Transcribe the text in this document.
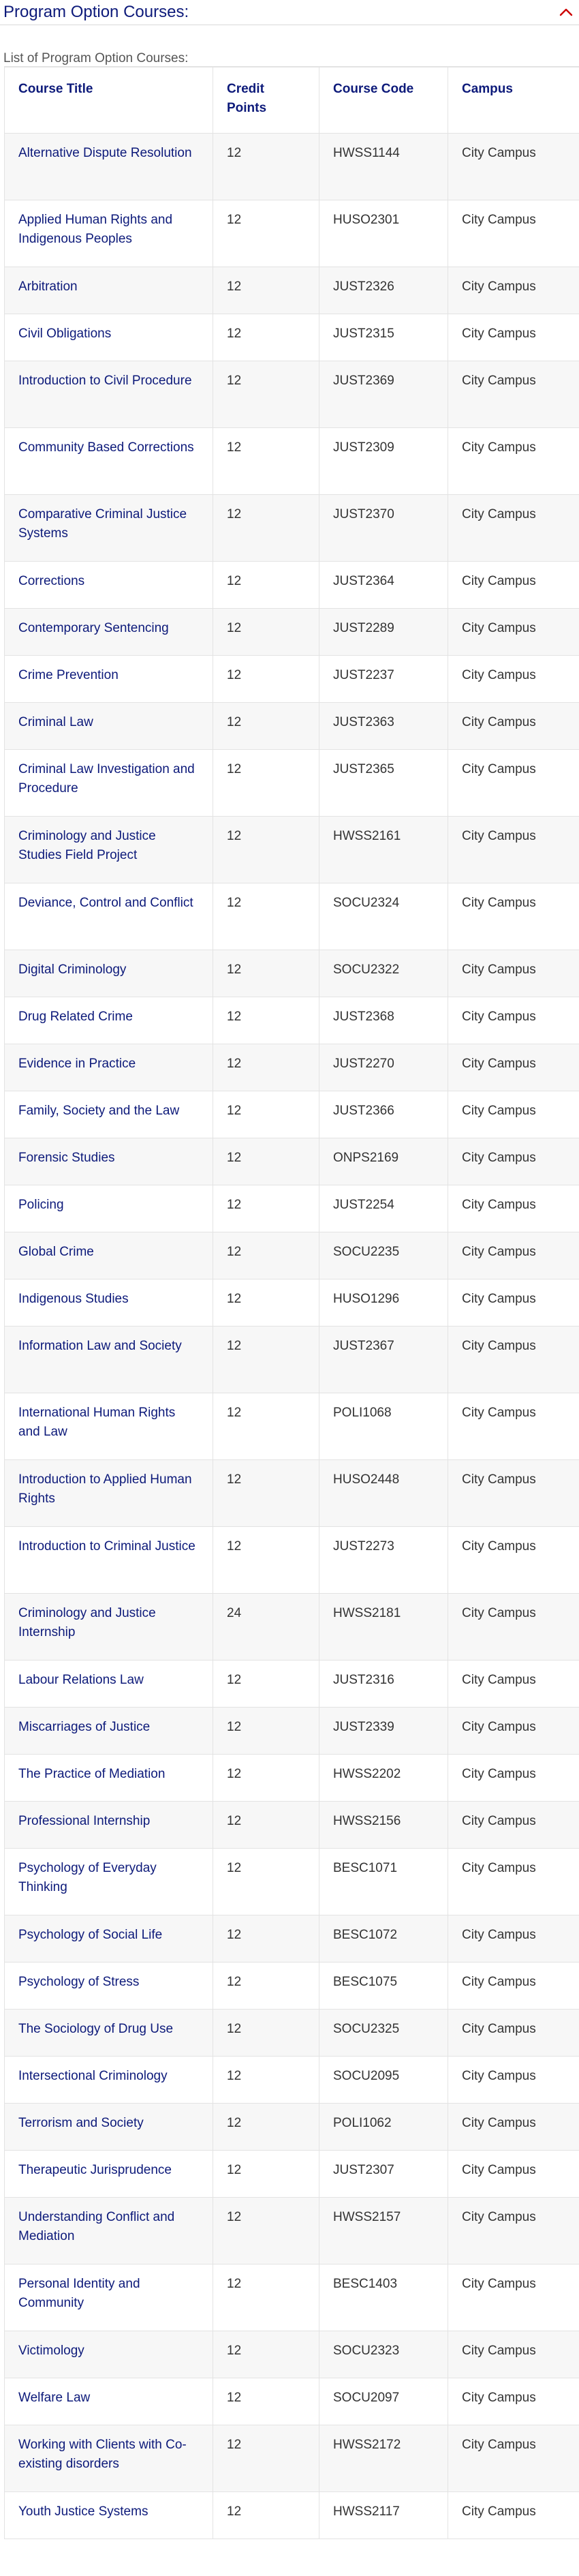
Program Option Courses:
List of Program Option Courses:
Course Title	Credit Points	Course Code	Campus
Alternative Dispute Resolution	12	HWSS1144	City Campus
Applied Human Rights and Indigenous Peoples	12	HUSO2301	City Campus
Arbitration	12	JUST2326	City Campus
Civil Obligations	12	JUST2315	City Campus
Introduction to Civil Procedure	12	JUST2369	City Campus
Community Based Corrections	12	JUST2309	City Campus
Comparative Criminal Justice Systems	12	JUST2370	City Campus
Corrections	12	JUST2364	City Campus
Contemporary Sentencing	12	JUST2289	City Campus
Crime Prevention	12	JUST2237	City Campus
Criminal Law	12	JUST2363	City Campus
Criminal Law Investigation and Procedure	12	JUST2365	City Campus
Criminology and Justice Studies Field Project	12	HWSS2161	City Campus
Deviance, Control and Conflict	12	SOCU2324	City Campus
Digital Criminology	12	SOCU2322	City Campus
Drug Related Crime	12	JUST2368	City Campus
Evidence in Practice	12	JUST2270	City Campus
Family, Society and the Law	12	JUST2366	City Campus
Forensic Studies	12	ONPS2169	City Campus
Policing	12	JUST2254	City Campus
Global Crime	12	SOCU2235	City Campus
Indigenous Studies	12	HUSO1296	City Campus
Information Law and Society	12	JUST2367	City Campus
International Human Rights and Law	12	POLI1068	City Campus
Introduction to Applied Human Rights	12	HUSO2448	City Campus
Introduction to Criminal Justice	12	JUST2273	City Campus
Criminology and Justice Internship	24	HWSS2181	City Campus
Labour Relations Law	12	JUST2316	City Campus
Miscarriages of Justice	12	JUST2339	City Campus
The Practice of Mediation	12	HWSS2202	City Campus
Professional Internship	12	HWSS2156	City Campus
Psychology of Everyday Thinking	12	BESC1071	City Campus
Psychology of Social Life	12	BESC1072	City Campus
Psychology of Stress	12	BESC1075	City Campus
The Sociology of Drug Use	12	SOCU2325	City Campus
Intersectional Criminology	12	SOCU2095	City Campus
Terrorism and Society	12	POLI1062	City Campus
Therapeutic Jurisprudence	12	JUST2307	City Campus
Understanding Conflict and Mediation	12	HWSS2157	City Campus
Personal Identity and Community	12	BESC1403	City Campus
Victimology	12	SOCU2323	City Campus
Welfare Law	12	SOCU2097	City Campus
Working with Clients with Co-existing disorders	12	HWSS2172	City Campus
Youth Justice Systems	12	HWSS2117	City Campus
